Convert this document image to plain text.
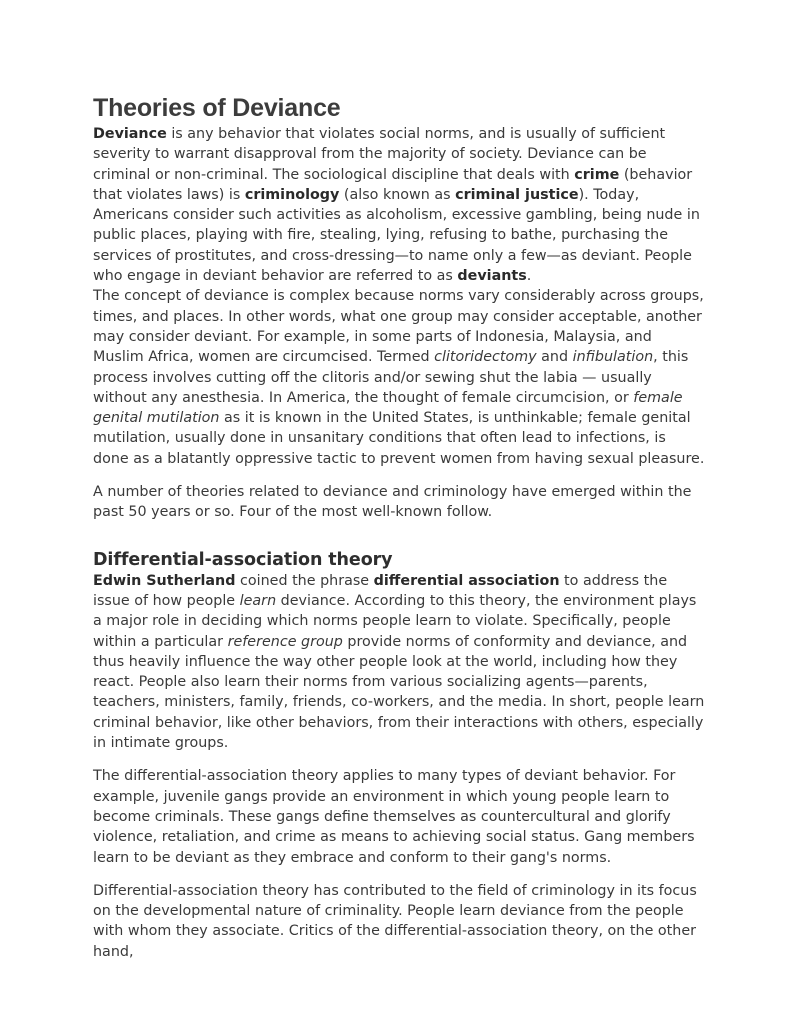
Theories of Deviance

Deviance is any behavior that violates social norms, and is usually of sufficient severity to warrant disapproval from the majority of society. Deviance can be criminal or non-criminal. The sociological discipline that deals with crime (behavior that violates laws) is criminology (also known as criminal justice). Today, Americans consider such activities as alcoholism, excessive gambling, being nude in public places, playing with fire, stealing, lying, refusing to bathe, purchasing the services of prostitutes, and cross-dressing—to name only a few—as deviant. People who engage in deviant behavior are referred to as deviants.

The concept of deviance is complex because norms vary considerably across groups, times, and places. In other words, what one group may consider acceptable, another may consider deviant. For example, in some parts of Indonesia, Malaysia, and Muslim Africa, women are circumcised. Termed clitoridectomy and infibulation, this process involves cutting off the clitoris and/or sewing shut the labia — usually without any anesthesia. In America, the thought of female circumcision, or female genital mutilation as it is known in the United States, is unthinkable; female genital mutilation, usually done in unsanitary conditions that often lead to infections, is done as a blatantly oppressive tactic to prevent women from having sexual pleasure.

A number of theories related to deviance and criminology have emerged within the past 50 years or so. Four of the most well-known follow.

Differential-association theory

Edwin Sutherland coined the phrase differential association to address the issue of how people learn deviance. According to this theory, the environment plays a major role in deciding which norms people learn to violate. Specifically, people within a particular reference group provide norms of conformity and deviance, and thus heavily influence the way other people look at the world, including how they react. People also learn their norms from various socializing agents—parents, teachers, ministers, family, friends, co-workers, and the media. In short, people learn criminal behavior, like other behaviors, from their interactions with others, especially in intimate groups.

The differential-association theory applies to many types of deviant behavior. For example, juvenile gangs provide an environment in which young people learn to become criminals. These gangs define themselves as countercultural and glorify violence, retaliation, and crime as means to achieving social status. Gang members learn to be deviant as they embrace and conform to their gang's norms.

Differential-association theory has contributed to the field of criminology in its focus on the developmental nature of criminality. People learn deviance from the people with whom they associate. Critics of the differential-association theory, on the other hand,
